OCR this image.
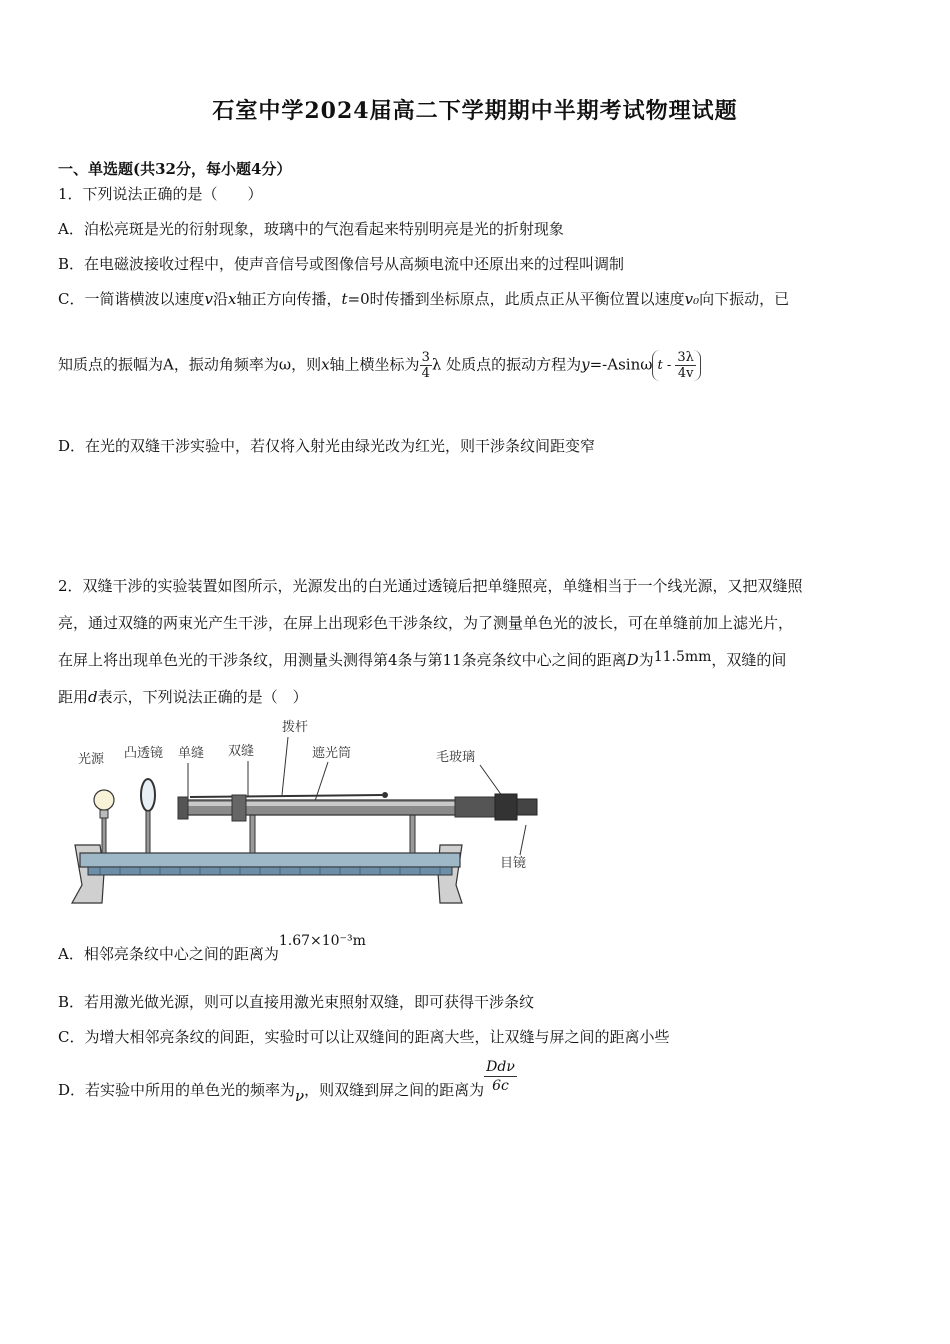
石室中学2024届高二下学期期中半期考试物理试题
一、单选题(共32分，每小题4分）
1．下列说法正确的是（　　）
A．泊松亮斑是光的衍射现象，玻璃中的气泡看起来特别明亮是光的折射现象
B．在电磁波接收过程中，使声音信号或图像信号从高频电流中还原出来的过程叫调制
C．一简谐横波以速度v沿x轴正方向传播，t=0时传播到坐标原点，此质点正从平衡位置以速度v₀向下振动，已
知质点的振幅为A，振动角频率为ω，则x轴上横坐标为 $\frac{3}{4}$ λ 处质点的振动方程为y=-Asinω t - $\frac{3\lambda}{4v}$
D．在光的双缝干涉实验中，若仅将入射光由绿光改为红光，则干涉条纹间距变窄
2．双缝干涉的实验装置如图所示，光源发出的白光通过透镜后把单缝照亮，单缝相当于一个线光源，又把双缝照
亮，通过双缝的两束光产生干涉，在屏上出现彩色干涉条纹，为了测量单色光的波长，可在单缝前加上滤光片，
在屏上将出现单色光的干涉条纹，用测量头测得第4条与第11条亮条纹中心之间的距离D为11.5mm，双缝的间
距用d表示，下列说法正确的是（　）
光源 凸透镜 单缝 双缝
拨杆
遮光筒	毛玻璃
目镜
A．相邻亮条纹中心之间的距离为1.67×10⁻³m
B．若用激光做光源，则可以直接用激光束照射双缝，即可获得干涉条纹
C．为增大相邻亮条纹的间距，实验时可以让双缝间的距离大些，让双缝与屏之间的距离小些
D．若实验中所用的单色光的频率为ν，则双缝到屏之间的距离为 $\frac{\text{Ddν}}{6c}$
